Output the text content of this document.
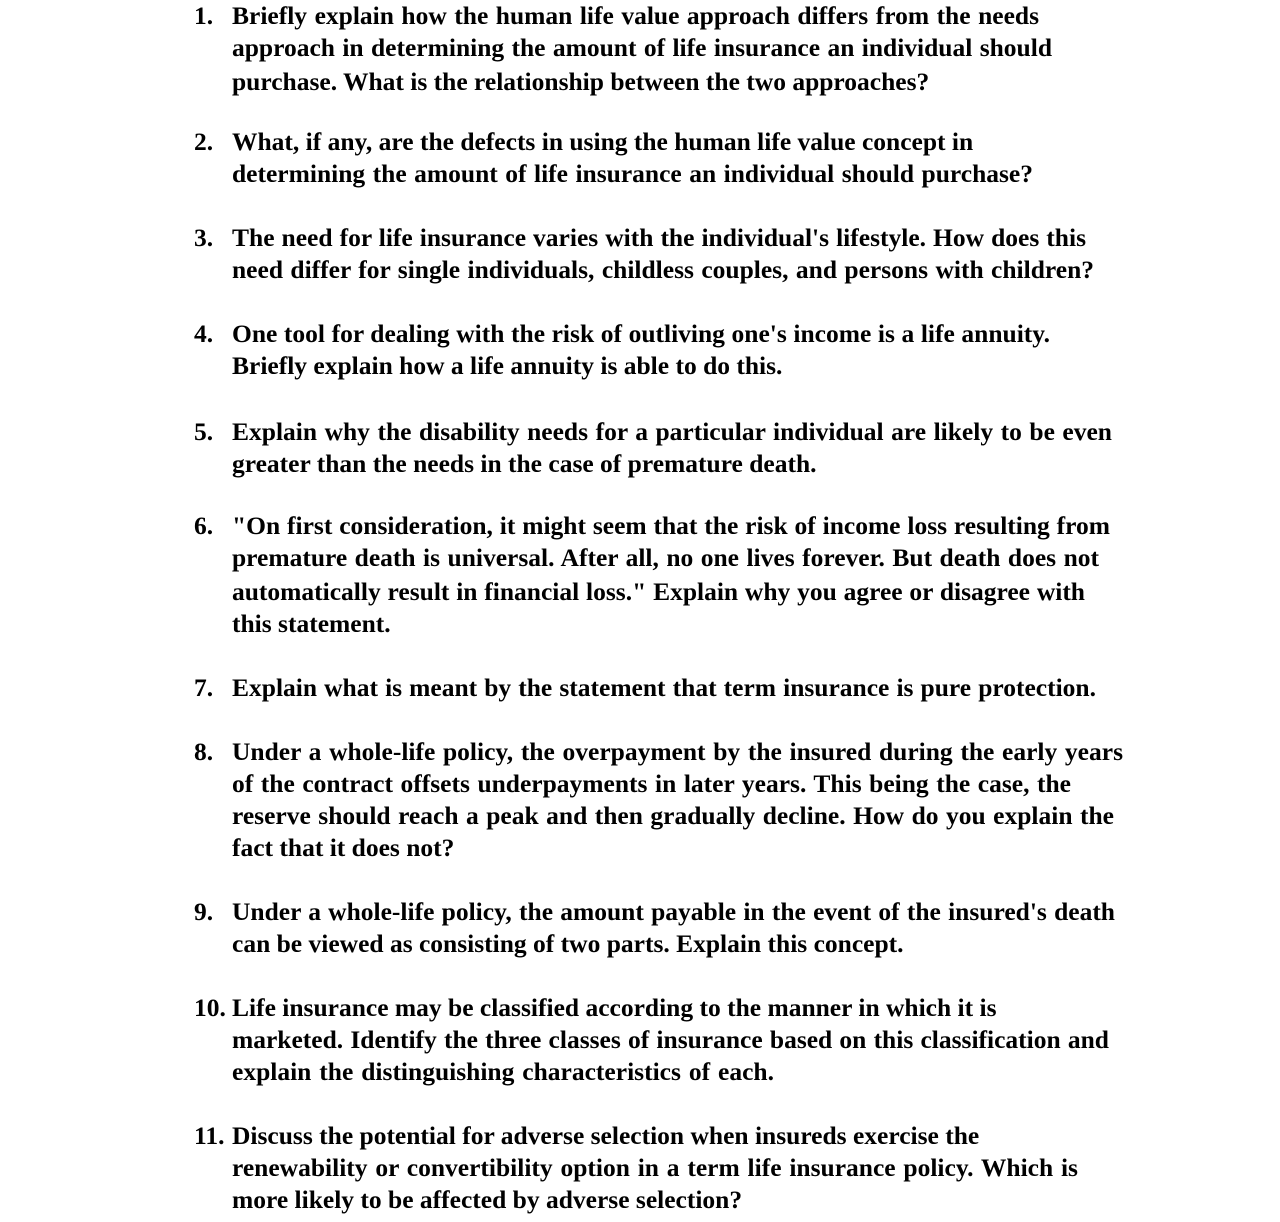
1. Briefly explain how the human life value approach differs from the needs
approach in determining the amount of life insurance an individual should
purchase. What is the relationship between the two approaches?
2. What, if any, are the defects in using the human life value concept in
determining the amount of life insurance an individual should purchase?
3. The need for life insurance varies with the individual's lifestyle. How does this
need differ for single individuals, childless couples, and persons with children?
4. One tool for dealing with the risk of outliving one's income is a life annuity.
Briefly explain how a life annuity is able to do this.
5. Explain why the disability needs for a particular individual are likely to be even
greater than the needs in the case of premature death.
6. "On first consideration, it might seem that the risk of income loss resulting from
premature death is universal. After all, no one lives forever. But death does not
automatically result in financial loss." Explain why you agree or disagree with
this statement.
7. Explain what is meant by the statement that term insurance is pure protection.
8. Under a whole-life policy, the overpayment by the insured during the early years
of the contract offsets underpayments in later years. This being the case, the
reserve should reach a peak and then gradually decline. How do you explain the
fact that it does not?
9. Under a whole-life policy, the amount payable in the event of the insured's death
can be viewed as consisting of two parts. Explain this concept.
10. Life insurance may be classified according to the manner in which it is
marketed. Identify the three classes of insurance based on this classification and
explain the distinguishing characteristics of each.
11. Discuss the potential for adverse selection when insureds exercise the
renewability or convertibility option in a term life insurance policy. Which is
more likely to be affected by adverse selection?
